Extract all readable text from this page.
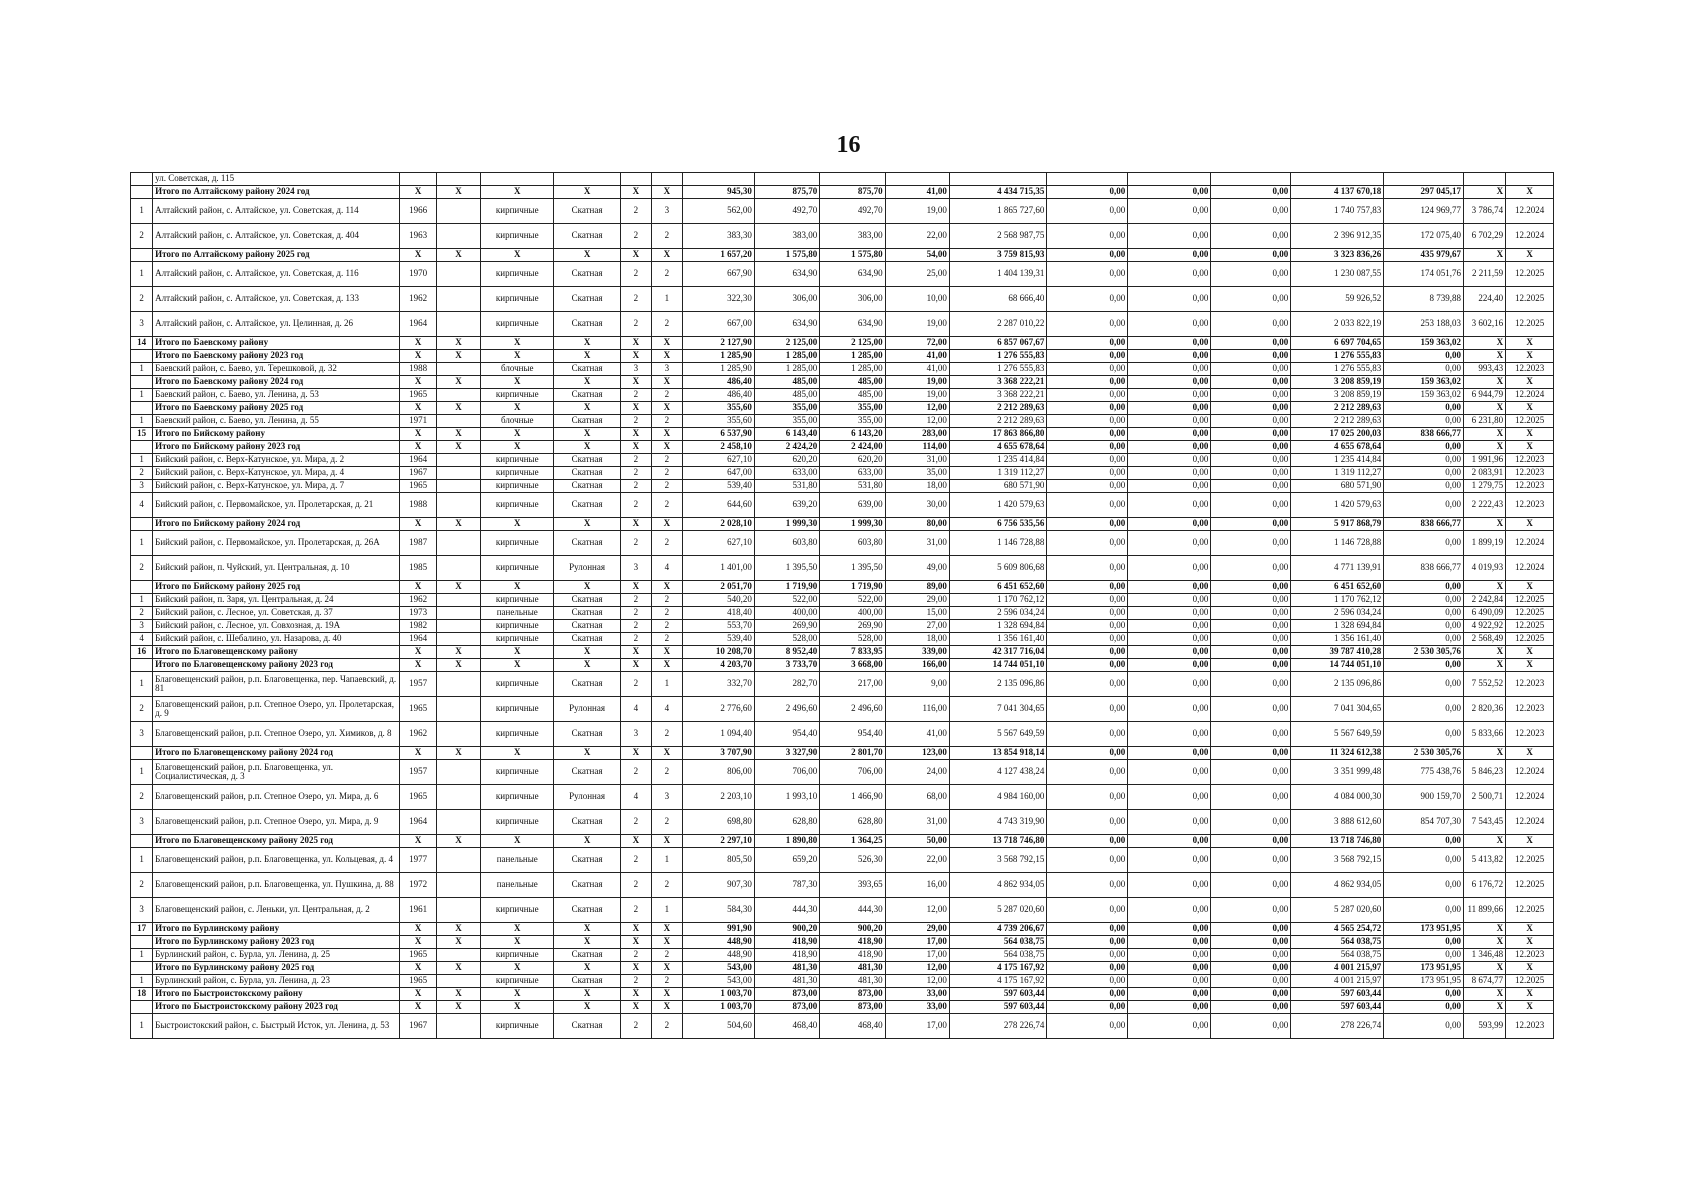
16
	ул. Советская, д. 115																		
	Итого по Алтайскому району 2024 год	X	X	X	X	X	X	945,30	875,70	875,70	41,00	4 434 715,35	0,00	0,00	0,00	4 137 670,18	297 045,17	X	X
1	Алтайский район, с. Алтайское, ул. Советская, д. 114	1966		кирпичные	Скатная	2	3	562,00	492,70	492,70	19,00	1 865 727,60	0,00	0,00	0,00	1 740 757,83	124 969,77	3 786,74	12.2024
2	Алтайский район, с. Алтайское, ул. Советская, д. 404	1963		кирпичные	Скатная	2	2	383,30	383,00	383,00	22,00	2 568 987,75	0,00	0,00	0,00	2 396 912,35	172 075,40	6 702,29	12.2024
	Итого по Алтайскому району 2025 год	X	X	X	X	X	X	1 657,20	1 575,80	1 575,80	54,00	3 759 815,93	0,00	0,00	0,00	3 323 836,26	435 979,67	X	X
1	Алтайский район, с. Алтайское, ул. Советская, д. 116	1970		кирпичные	Скатная	2	2	667,90	634,90	634,90	25,00	1 404 139,31	0,00	0,00	0,00	1 230 087,55	174 051,76	2 211,59	12.2025
2	Алтайский район, с. Алтайское, ул. Советская, д. 133	1962		кирпичные	Скатная	2	1	322,30	306,00	306,00	10,00	68 666,40	0,00	0,00	0,00	59 926,52	8 739,88	224,40	12.2025
3	Алтайский район, с. Алтайское, ул. Целинная, д. 26	1964		кирпичные	Скатная	2	2	667,00	634,90	634,90	19,00	2 287 010,22	0,00	0,00	0,00	2 033 822,19	253 188,03	3 602,16	12.2025
14	Итого по Баевскому району	X	X	X	X	X	X	2 127,90	2 125,00	2 125,00	72,00	6 857 067,67	0,00	0,00	0,00	6 697 704,65	159 363,02	X	X
	Итого по Баевскому району 2023 год	X	X	X	X	X	X	1 285,90	1 285,00	1 285,00	41,00	1 276 555,83	0,00	0,00	0,00	1 276 555,83	0,00	X	X
1	Баевский район, с. Баево, ул. Терешковой, д. 32	1988		блочные	Скатная	3	3	1 285,90	1 285,00	1 285,00	41,00	1 276 555,83	0,00	0,00	0,00	1 276 555,83	0,00	993,43	12.2023
	Итого по Баевскому району 2024 год	X	X	X	X	X	X	486,40	485,00	485,00	19,00	3 368 222,21	0,00	0,00	0,00	3 208 859,19	159 363,02	X	X
1	Баевский район, с. Баево, ул. Ленина, д. 53	1965		кирпичные	Скатная	2	2	486,40	485,00	485,00	19,00	3 368 222,21	0,00	0,00	0,00	3 208 859,19	159 363,02	6 944,79	12.2024
	Итого по Баевскому району 2025 год	X	X	X	X	X	X	355,60	355,00	355,00	12,00	2 212 289,63	0,00	0,00	0,00	2 212 289,63	0,00	X	X
1	Баевский район, с. Баево, ул. Ленина, д. 55	1971		блочные	Скатная	2	2	355,60	355,00	355,00	12,00	2 212 289,63	0,00	0,00	0,00	2 212 289,63	0,00	6 231,80	12.2025
15	Итого по Бийскому району	X	X	X	X	X	X	6 537,90	6 143,40	6 143,20	283,00	17 863 866,80	0,00	0,00	0,00	17 025 200,03	838 666,77	X	X
	Итого по Бийскому району 2023 год	X	X	X	X	X	X	2 458,10	2 424,20	2 424,00	114,00	4 655 678,64	0,00	0,00	0,00	4 655 678,64	0,00	X	X
1	Бийский район, с. Верх-Катунское, ул. Мира, д. 2	1964		кирпичные	Скатная	2	2	627,10	620,20	620,20	31,00	1 235 414,84	0,00	0,00	0,00	1 235 414,84	0,00	1 991,96	12.2023
2	Бийский район, с. Верх-Катунское, ул. Мира, д. 4	1967		кирпичные	Скатная	2	2	647,00	633,00	633,00	35,00	1 319 112,27	0,00	0,00	0,00	1 319 112,27	0,00	2 083,91	12.2023
3	Бийский район, с. Верх-Катунское, ул. Мира, д. 7	1965		кирпичные	Скатная	2	2	539,40	531,80	531,80	18,00	680 571,90	0,00	0,00	0,00	680 571,90	0,00	1 279,75	12.2023
4	Бийский район, с. Первомайское, ул. Пролетарская, д. 21	1988		кирпичные	Скатная	2	2	644,60	639,20	639,00	30,00	1 420 579,63	0,00	0,00	0,00	1 420 579,63	0,00	2 222,43	12.2023
	Итого по Бийскому району 2024 год	X	X	X	X	X	X	2 028,10	1 999,30	1 999,30	80,00	6 756 535,56	0,00	0,00	0,00	5 917 868,79	838 666,77	X	X
1	Бийский район, с. Первомайское, ул. Пролетарская, д. 26А	1987		кирпичные	Скатная	2	2	627,10	603,80	603,80	31,00	1 146 728,88	0,00	0,00	0,00	1 146 728,88	0,00	1 899,19	12.2024
2	Бийский район, п. Чуйский, ул. Центральная, д. 10	1985		кирпичные	Рулонная	3	4	1 401,00	1 395,50	1 395,50	49,00	5 609 806,68	0,00	0,00	0,00	4 771 139,91	838 666,77	4 019,93	12.2024
	Итого по Бийскому району 2025 год	X	X	X	X	X	X	2 051,70	1 719,90	1 719,90	89,00	6 451 652,60	0,00	0,00	0,00	6 451 652,60	0,00	X	X
1	Бийский район, п. Заря, ул. Центральная, д. 24	1962		кирпичные	Скатная	2	2	540,20	522,00	522,00	29,00	1 170 762,12	0,00	0,00	0,00	1 170 762,12	0,00	2 242,84	12.2025
2	Бийский район, с. Лесное, ул. Советская, д. 37	1973		панельные	Скатная	2	2	418,40	400,00	400,00	15,00	2 596 034,24	0,00	0,00	0,00	2 596 034,24	0,00	6 490,09	12.2025
3	Бийский район, с. Лесное, ул. Совхозная, д. 19А	1982		кирпичные	Скатная	2	2	553,70	269,90	269,90	27,00	1 328 694,84	0,00	0,00	0,00	1 328 694,84	0,00	4 922,92	12.2025
4	Бийский район, с. Шебалино, ул. Назарова, д. 40	1964		кирпичные	Скатная	2	2	539,40	528,00	528,00	18,00	1 356 161,40	0,00	0,00	0,00	1 356 161,40	0,00	2 568,49	12.2025
16	Итого по Благовещенскому району	X	X	X	X	X	X	10 208,70	8 952,40	7 833,95	339,00	42 317 716,04	0,00	0,00	0,00	39 787 410,28	2 530 305,76	X	X
	Итого по Благовещенскому району 2023 год	X	X	X	X	X	X	4 203,70	3 733,70	3 668,00	166,00	14 744 051,10	0,00	0,00	0,00	14 744 051,10	0,00	X	X
1	Благовещенский район, р.п. Благовещенка, пер. Чапаевский, д. 81	1957		кирпичные	Скатная	2	1	332,70	282,70	217,00	9,00	2 135 096,86	0,00	0,00	0,00	2 135 096,86	0,00	7 552,52	12.2023
2	Благовещенский район, р.п. Степное Озеро, ул. Пролетарская, д. 9	1965		кирпичные	Рулонная	4	4	2 776,60	2 496,60	2 496,60	116,00	7 041 304,65	0,00	0,00	0,00	7 041 304,65	0,00	2 820,36	12.2023
3	Благовещенский район, р.п. Степное Озеро, ул. Химиков, д. 8	1962		кирпичные	Скатная	3	2	1 094,40	954,40	954,40	41,00	5 567 649,59	0,00	0,00	0,00	5 567 649,59	0,00	5 833,66	12.2023
	Итого по Благовещенскому району 2024 год	X	X	X	X	X	X	3 707,90	3 327,90	2 801,70	123,00	13 854 918,14	0,00	0,00	0,00	11 324 612,38	2 530 305,76	X	X
1	Благовещенский район, р.п. Благовещенка, ул. Социалистическая, д. 3	1957		кирпичные	Скатная	2	2	806,00	706,00	706,00	24,00	4 127 438,24	0,00	0,00	0,00	3 351 999,48	775 438,76	5 846,23	12.2024
2	Благовещенский район, р.п. Степное Озеро, ул. Мира, д. 6	1965		кирпичные	Рулонная	4	3	2 203,10	1 993,10	1 466,90	68,00	4 984 160,00	0,00	0,00	0,00	4 084 000,30	900 159,70	2 500,71	12.2024
3	Благовещенский район, р.п. Степное Озеро, ул. Мира, д. 9	1964		кирпичные	Скатная	2	2	698,80	628,80	628,80	31,00	4 743 319,90	0,00	0,00	0,00	3 888 612,60	854 707,30	7 543,45	12.2024
	Итого по Благовещенскому району 2025 год	X	X	X	X	X	X	2 297,10	1 890,80	1 364,25	50,00	13 718 746,80	0,00	0,00	0,00	13 718 746,80	0,00	X	X
1	Благовещенский район, р.п. Благовещенка, ул. Кольцевая, д. 4	1977		панельные	Скатная	2	1	805,50	659,20	526,30	22,00	3 568 792,15	0,00	0,00	0,00	3 568 792,15	0,00	5 413,82	12.2025
2	Благовещенский район, р.п. Благовещенка, ул. Пушкина, д. 88	1972		панельные	Скатная	2	2	907,30	787,30	393,65	16,00	4 862 934,05	0,00	0,00	0,00	4 862 934,05	0,00	6 176,72	12.2025
3	Благовещенский район, с. Леньки, ул. Центральная, д. 2	1961		кирпичные	Скатная	2	1	584,30	444,30	444,30	12,00	5 287 020,60	0,00	0,00	0,00	5 287 020,60	0,00	11 899,66	12.2025
17	Итого по Бурлинскому району	X	X	X	X	X	X	991,90	900,20	900,20	29,00	4 739 206,67	0,00	0,00	0,00	4 565 254,72	173 951,95	X	X
	Итого по Бурлинскому району 2023 год	X	X	X	X	X	X	448,90	418,90	418,90	17,00	564 038,75	0,00	0,00	0,00	564 038,75	0,00	X	X
1	Бурлинский район, с. Бурла, ул. Ленина, д. 25	1965		кирпичные	Скатная	2	2	448,90	418,90	418,90	17,00	564 038,75	0,00	0,00	0,00	564 038,75	0,00	1 346,48	12.2023
	Итого по Бурлинскому району 2025 год	X	X	X	X	X	X	543,00	481,30	481,30	12,00	4 175 167,92	0,00	0,00	0,00	4 001 215,97	173 951,95	X	X
1	Бурлинский район, с. Бурла, ул. Ленина, д. 23	1965		кирпичные	Скатная	2	2	543,00	481,30	481,30	12,00	4 175 167,92	0,00	0,00	0,00	4 001 215,97	173 951,95	8 674,77	12.2025
18	Итого по Быстроистокскому району	X	X	X	X	X	X	1 003,70	873,00	873,00	33,00	597 603,44	0,00	0,00	0,00	597 603,44	0,00	X	X
	Итого по Быстроистокскому району 2023 год	X	X	X	X	X	X	1 003,70	873,00	873,00	33,00	597 603,44	0,00	0,00	0,00	597 603,44	0,00	X	X
1	Быстроистокский район, с. Быстрый Исток, ул. Ленина, д. 53	1967		кирпичные	Скатная	2	2	504,60	468,40	468,40	17,00	278 226,74	0,00	0,00	0,00	278 226,74	0,00	593,99	12.2023
